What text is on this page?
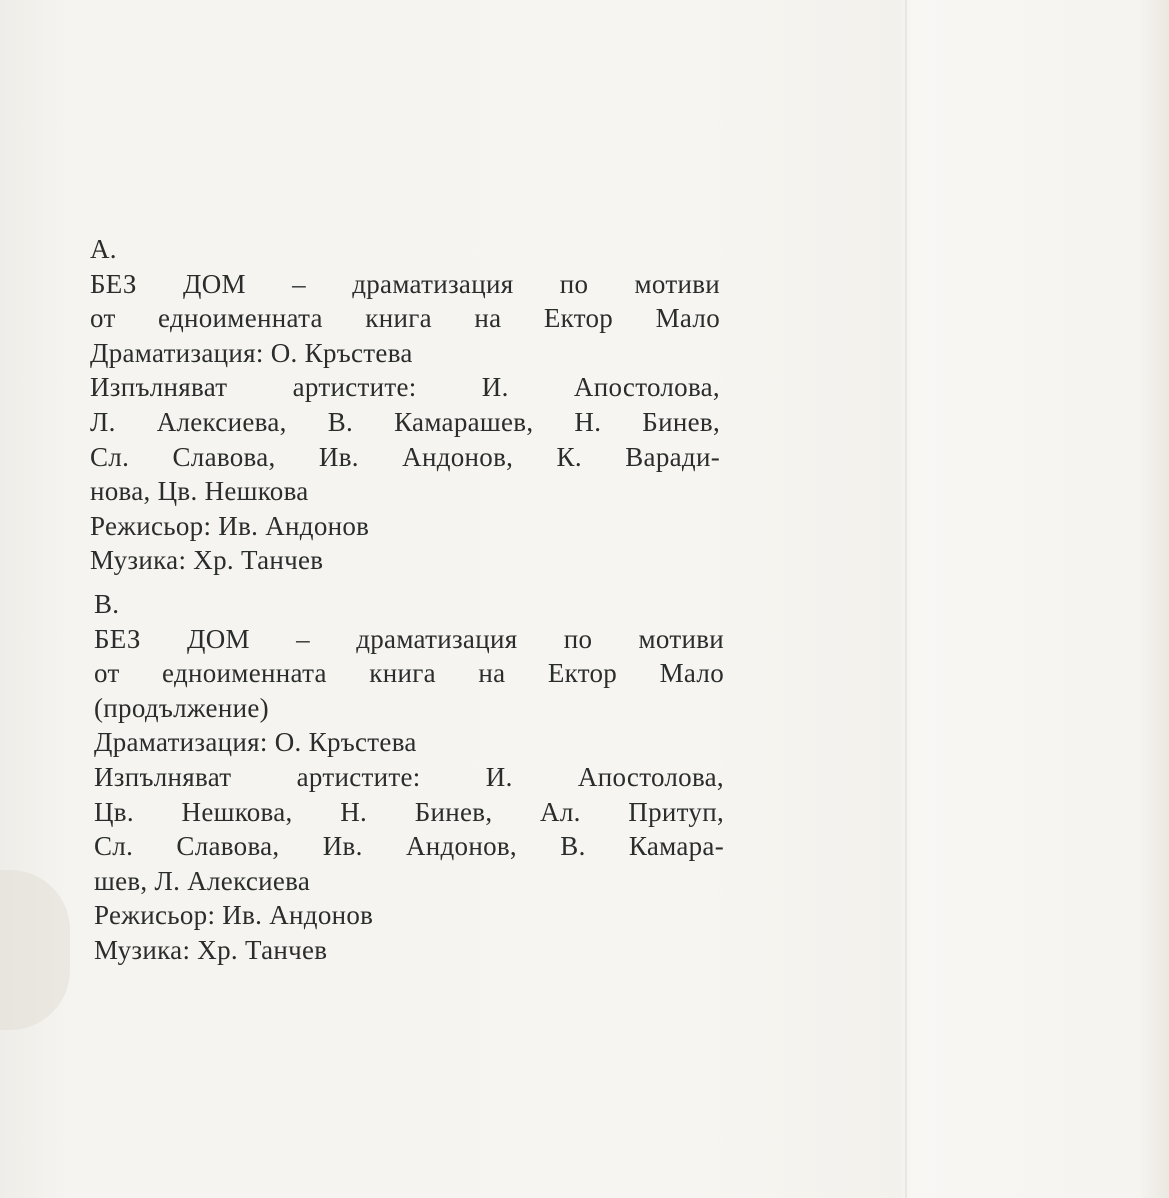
А.
БЕЗ ДОМ – драматизация по мотиви
от едноименната книга на Ектор Мало
Драматизация: О. Кръстева
Изпълняват артистите: И. Апостолова,
Л. Алексиева, В. Камарашев, Н. Бинев,
Сл. Славова, Ив. Андонов, К. Варади-
нова, Цв. Нешкова
Режисьор: Ив. Андонов
Музика: Хр. Танчев
В.
БЕЗ ДОМ – драматизация по мотиви
от едноименната книга на Ектор Мало
(продължение)
Драматизация: О. Кръстева
Изпълняват артистите: И. Апостолова,
Цв. Нешкова, Н. Бинев, Ал. Притуп,
Сл. Славова, Ив. Андонов, В. Камара-
шев, Л. Алексиева
Режисьор: Ив. Андонов
Музика: Хр. Танчев
